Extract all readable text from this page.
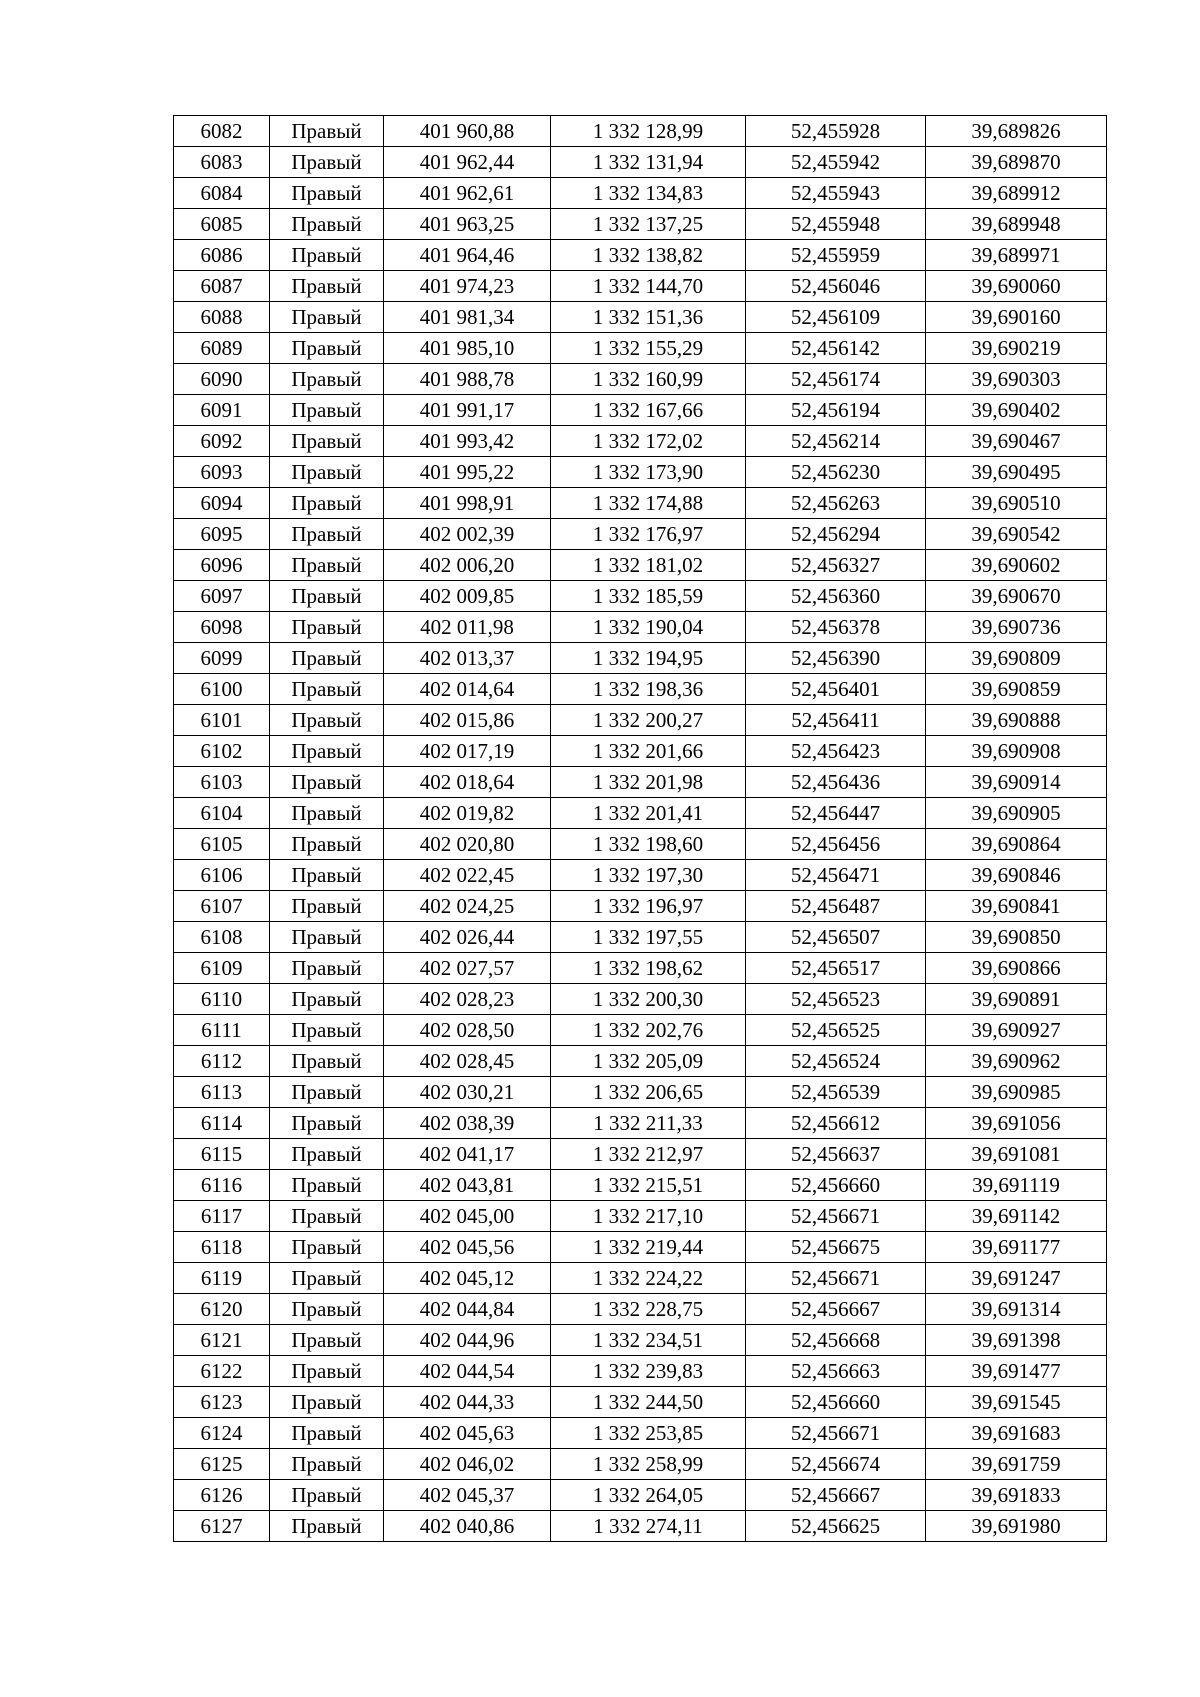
6082	Правый	401 960,88	1 332 128,99	52,455928	39,689826
6083	Правый	401 962,44	1 332 131,94	52,455942	39,689870
6084	Правый	401 962,61	1 332 134,83	52,455943	39,689912
6085	Правый	401 963,25	1 332 137,25	52,455948	39,689948
6086	Правый	401 964,46	1 332 138,82	52,455959	39,689971
6087	Правый	401 974,23	1 332 144,70	52,456046	39,690060
6088	Правый	401 981,34	1 332 151,36	52,456109	39,690160
6089	Правый	401 985,10	1 332 155,29	52,456142	39,690219
6090	Правый	401 988,78	1 332 160,99	52,456174	39,690303
6091	Правый	401 991,17	1 332 167,66	52,456194	39,690402
6092	Правый	401 993,42	1 332 172,02	52,456214	39,690467
6093	Правый	401 995,22	1 332 173,90	52,456230	39,690495
6094	Правый	401 998,91	1 332 174,88	52,456263	39,690510
6095	Правый	402 002,39	1 332 176,97	52,456294	39,690542
6096	Правый	402 006,20	1 332 181,02	52,456327	39,690602
6097	Правый	402 009,85	1 332 185,59	52,456360	39,690670
6098	Правый	402 011,98	1 332 190,04	52,456378	39,690736
6099	Правый	402 013,37	1 332 194,95	52,456390	39,690809
6100	Правый	402 014,64	1 332 198,36	52,456401	39,690859
6101	Правый	402 015,86	1 332 200,27	52,456411	39,690888
6102	Правый	402 017,19	1 332 201,66	52,456423	39,690908
6103	Правый	402 018,64	1 332 201,98	52,456436	39,690914
6104	Правый	402 019,82	1 332 201,41	52,456447	39,690905
6105	Правый	402 020,80	1 332 198,60	52,456456	39,690864
6106	Правый	402 022,45	1 332 197,30	52,456471	39,690846
6107	Правый	402 024,25	1 332 196,97	52,456487	39,690841
6108	Правый	402 026,44	1 332 197,55	52,456507	39,690850
6109	Правый	402 027,57	1 332 198,62	52,456517	39,690866
6110	Правый	402 028,23	1 332 200,30	52,456523	39,690891
6111	Правый	402 028,50	1 332 202,76	52,456525	39,690927
6112	Правый	402 028,45	1 332 205,09	52,456524	39,690962
6113	Правый	402 030,21	1 332 206,65	52,456539	39,690985
6114	Правый	402 038,39	1 332 211,33	52,456612	39,691056
6115	Правый	402 041,17	1 332 212,97	52,456637	39,691081
6116	Правый	402 043,81	1 332 215,51	52,456660	39,691119
6117	Правый	402 045,00	1 332 217,10	52,456671	39,691142
6118	Правый	402 045,56	1 332 219,44	52,456675	39,691177
6119	Правый	402 045,12	1 332 224,22	52,456671	39,691247
6120	Правый	402 044,84	1 332 228,75	52,456667	39,691314
6121	Правый	402 044,96	1 332 234,51	52,456668	39,691398
6122	Правый	402 044,54	1 332 239,83	52,456663	39,691477
6123	Правый	402 044,33	1 332 244,50	52,456660	39,691545
6124	Правый	402 045,63	1 332 253,85	52,456671	39,691683
6125	Правый	402 046,02	1 332 258,99	52,456674	39,691759
6126	Правый	402 045,37	1 332 264,05	52,456667	39,691833
6127	Правый	402 040,86	1 332 274,11	52,456625	39,691980
